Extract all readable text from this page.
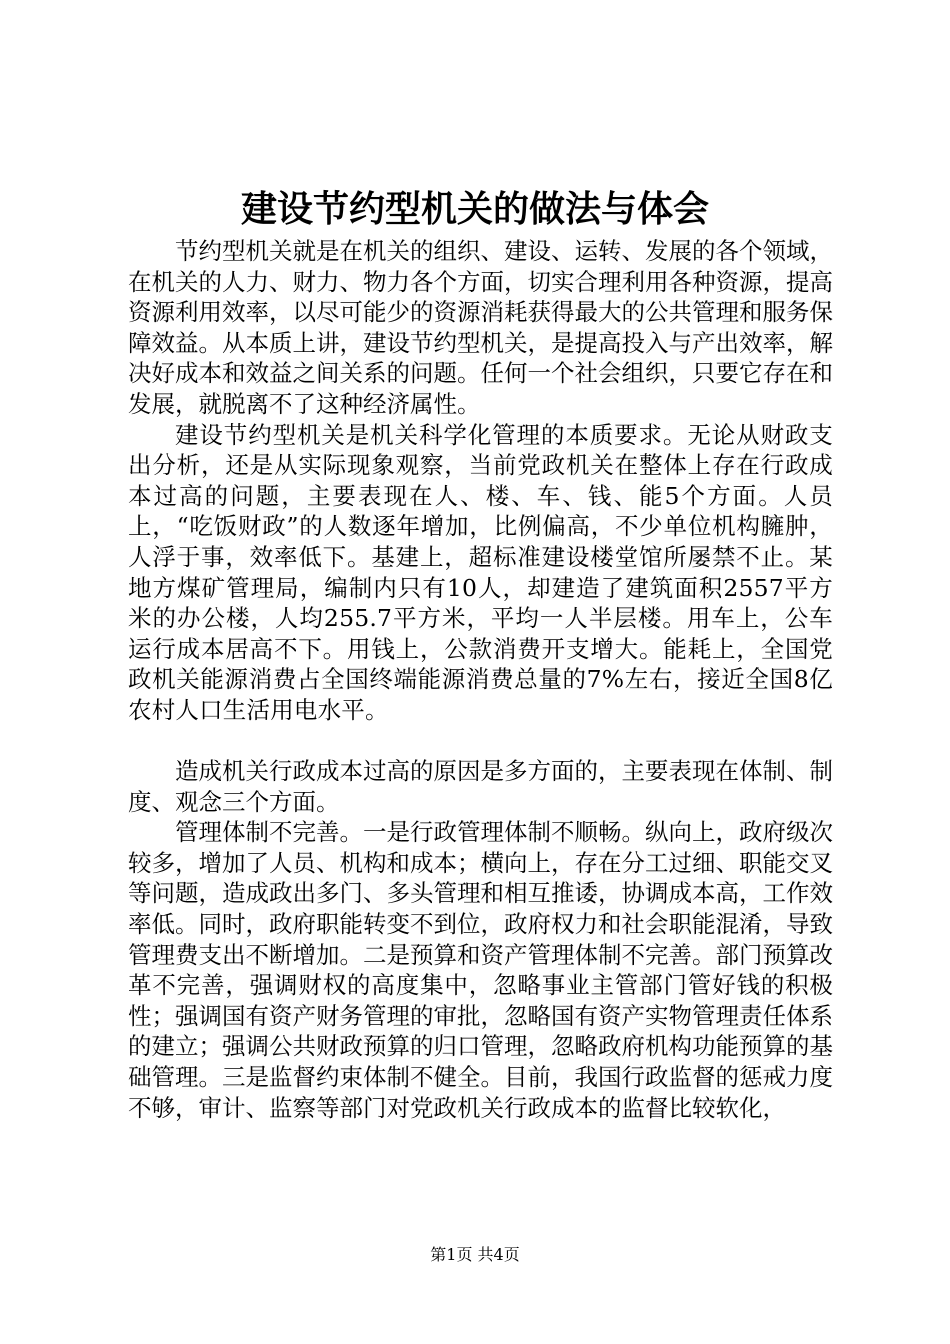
建设节约型机关的做法与体会

节约型机关就是在机关的组织、建设、运转、发展的各个领域，在机关的人力、财力、物力各个方面，切实合理利用各种资源，提高资源利用效率，以尽可能少的资源消耗获得最大的公共管理和服务保障效益。从本质上讲，建设节约型机关，是提高投入与产出效率，解决好成本和效益之间关系的问题。任何一个社会组织，只要它存在和发展，就脱离不了这种经济属性。

建设节约型机关是机关科学化管理的本质要求。无论从财政支出分析，还是从实际现象观察，当前党政机关在整体上存在行政成本过高的问题，主要表现在人、楼、车、钱、能5个方面。人员上，“吃饭财政”的人数逐年增加，比例偏高，不少单位机构臃肿，人浮于事，效率低下。基建上，超标准建设楼堂馆所屡禁不止。某地方煤矿管理局，编制内只有10人，却建造了建筑面积2557平方米的办公楼，人均255.7平方米，平均一人半层楼。用车上，公车运行成本居高不下。用钱上，公款消费开支增大。能耗上，全国党政机关能源消费占全国终端能源消费总量的7%左右，接近全国8亿农村人口生活用电水平。

造成机关行政成本过高的原因是多方面的，主要表现在体制、制度、观念三个方面。

管理体制不完善。一是行政管理体制不顺畅。纵向上，政府级次较多，增加了人员、机构和成本；横向上，存在分工过细、职能交叉等问题，造成政出多门、多头管理和相互推诿，协调成本高，工作效率低。同时，政府职能转变不到位，政府权力和社会职能混淆，导致管理费支出不断增加。二是预算和资产管理体制不完善。部门预算改革不完善，强调财权的高度集中，忽略事业主管部门管好钱的积极性；强调国有资产财务管理的审批，忽略国有资产实物管理责任体系的建立；强调公共财政预算的归口管理，忽略政府机构功能预算的基础管理。三是监督约束体制不健全。目前，我国行政监督的惩戒力度不够，审计、监察等部门对党政机关行政成本的监督比较软化，

第1页 共4页
